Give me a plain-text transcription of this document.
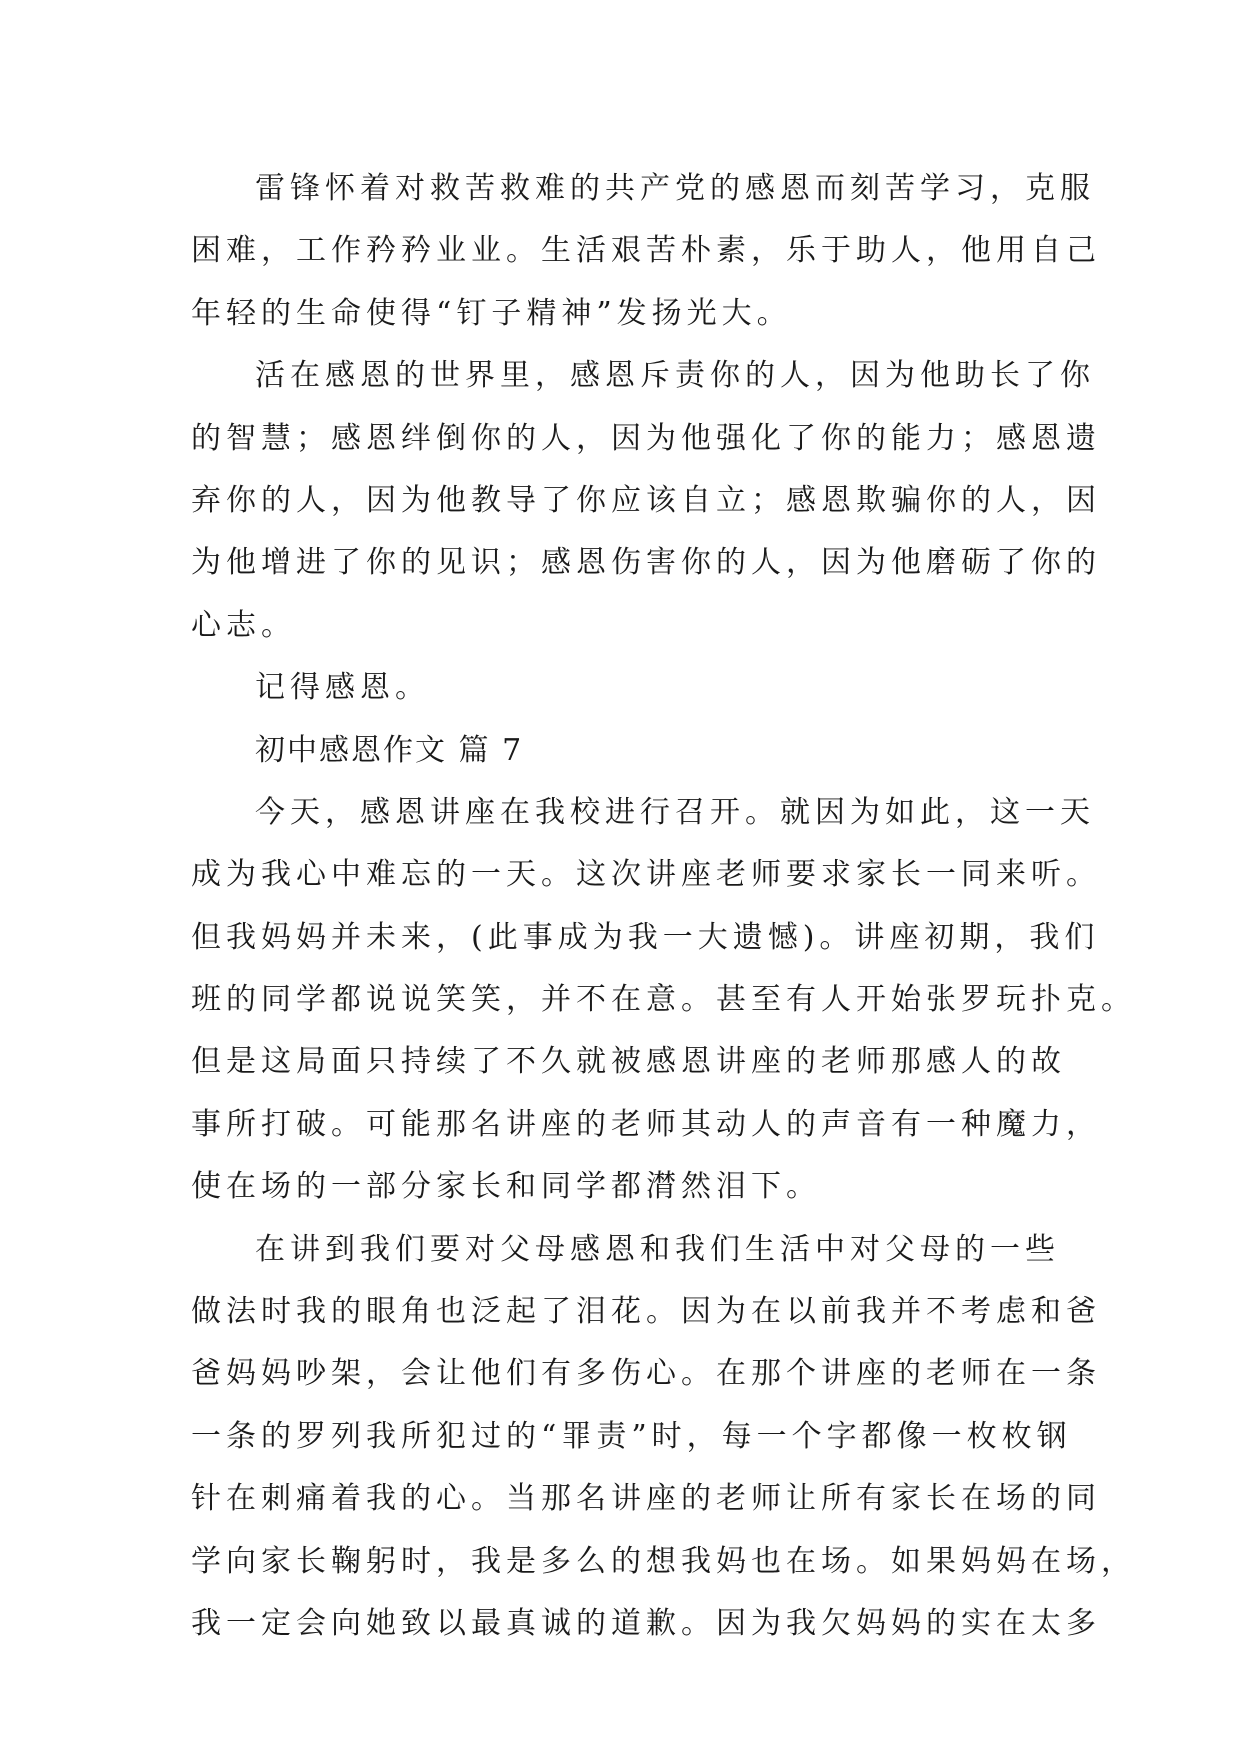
雷锋怀着对救苦救难的共产党的感恩而刻苦学习，克服
困难，工作矜矜业业。生活艰苦朴素，乐于助人，他用自己
年轻的生命使得“钉子精神”发扬光大。
活在感恩的世界里，感恩斥责你的人，因为他助长了你
的智慧；感恩绊倒你的人，因为他强化了你的能力；感恩遗
弃你的人，因为他教导了你应该自立；感恩欺骗你的人，因
为他增进了你的见识；感恩伤害你的人，因为他磨砺了你的
心志。
记得感恩。
初中感恩作文 篇 7
今天，感恩讲座在我校进行召开。就因为如此，这一天
成为我心中难忘的一天。这次讲座老师要求家长一同来听。
但我妈妈并未来，(此事成为我一大遗憾)。讲座初期，我们
班的同学都说说笑笑，并不在意。甚至有人开始张罗玩扑克。
但是这局面只持续了不久就被感恩讲座的老师那感人的故
事所打破。可能那名讲座的老师其动人的声音有一种魔力，
使在场的一部分家长和同学都潸然泪下。
在讲到我们要对父母感恩和我们生活中对父母的一些
做法时我的眼角也泛起了泪花。因为在以前我并不考虑和爸
爸妈妈吵架，会让他们有多伤心。在那个讲座的老师在一条
一条的罗列我所犯过的“罪责”时，每一个字都像一枚枚钢
针在刺痛着我的心。当那名讲座的老师让所有家长在场的同
学向家长鞠躬时，我是多么的想我妈也在场。如果妈妈在场，
我一定会向她致以最真诚的道歉。因为我欠妈妈的实在太多
